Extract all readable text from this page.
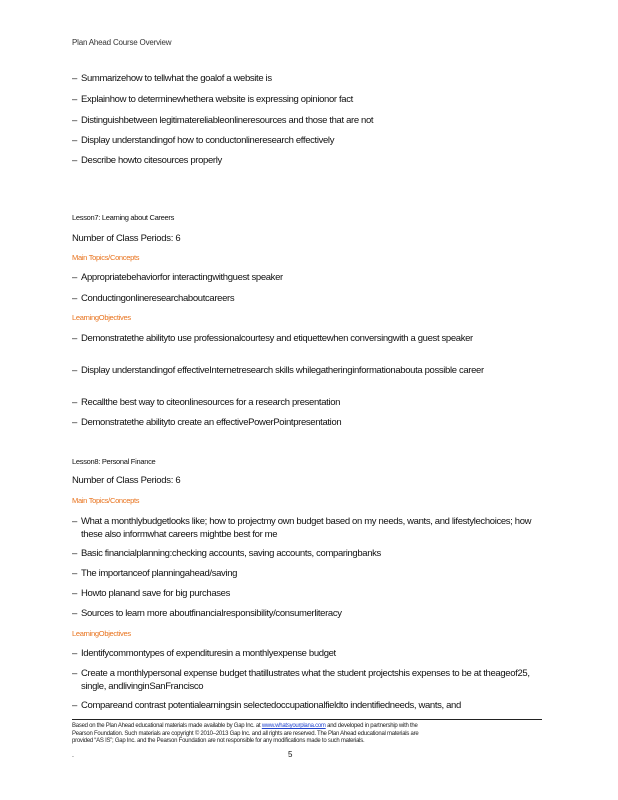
Plan Ahead Course Overview
– Summarizehow to tellwhat the goalof a website is
– Explainhow to determinewhethera website is expressing opinionor fact
– Distinguishbetween legitimatereliableonlineresources and those that are not
– Display understandingof how to conductonlineresearch effectively
– Describe howto citesources properly
Lesson7: Learning about Careers
Number of Class Periods: 6
Main Topics/Concepts
– Appropriatebehaviorfor interactingwithguest speaker
– Conductingonlineresearchaboutcareers
LearningObjectives
– Demonstratethe abilityto use professionalcourtesy and etiquettewhen conversingwith a guest speaker
– Display understandingof effectiveInternetresearch skills whilegatheringinformationabouta possible career
– Recallthe best way to citeonlinesources for a research presentation
– Demonstratethe abilityto create an effectivePowerPointpresentation
Lesson8: Personal Finance
Number of Class Periods: 6
Main Topics/Concepts
– What a monthlybudgetlooks like; how to projectmy own budget based on my needs, wants, and lifestylechoices; how these also informwhat careers mightbe best for me
– Basic financialplanning:checking accounts, saving accounts, comparingbanks
– The importanceof planningahead/saving
– Howto planand save for big purchases
– Sources to learn more aboutfinancialresponsibility/consumerliteracy
LearningObjectives
– Identifycommontypes of expendituresin a monthlyexpense budget
– Create a monthlypersonal expense budget thatillustrates what the student projectshis expenses to be at theageof25, single, andlivinginSanFrancisco
– Compareand contrast potentialearningsin selectedoccupationalfieldto indentifiedneeds, wants, and
Based on the Plan Ahead educational materials made available by Gap Inc. at www.whatsyourplana.com and developed in partnership with the
Pearson Foundation. Such materials are copyright © 2010–2013 Gap Inc. and all rights are reserved. The Plan Ahead educational materials are
provided “AS IS”; Gap Inc. and the Pearson Foundation are not responsible for any modifications made to such materials.
.	5
